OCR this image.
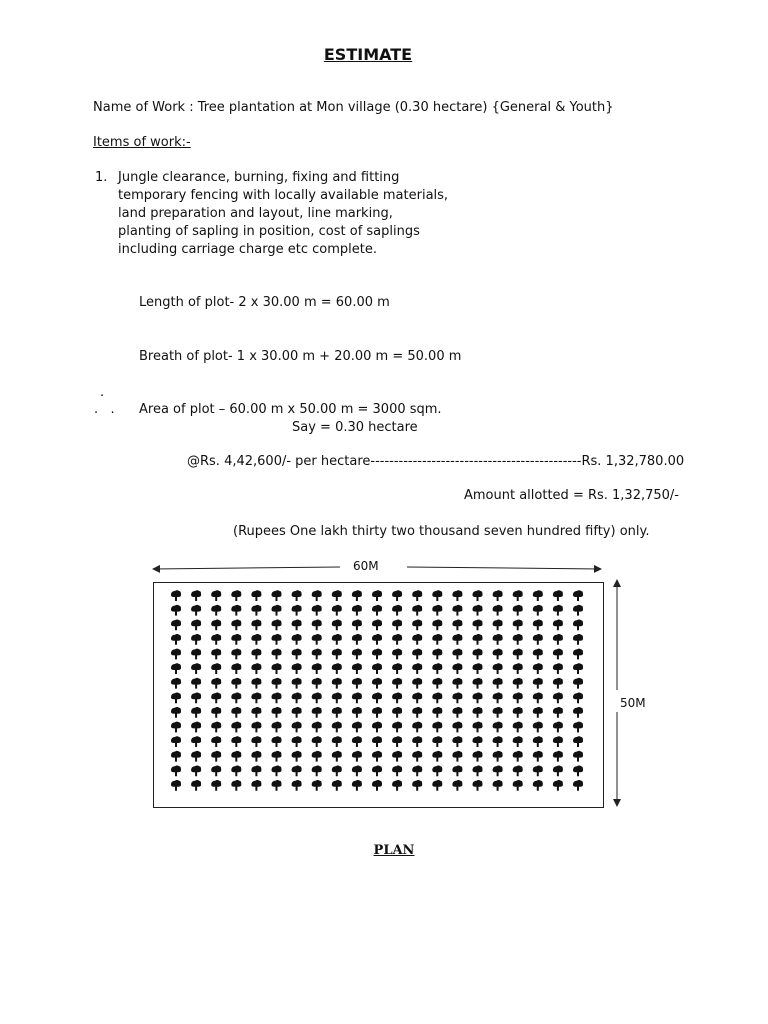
ESTIMATE
Name of Work : Tree plantation at Mon village (0.30 hectare) {General & Youth}
Items of work:-
1. Jungle clearance, burning, fixing and fitting
temporary fencing with locally available materials,
land preparation and layout, line marking,
planting of sapling in position, cost of saplings
including carriage charge etc complete.
Length of plot- 2 x 30.00 m = 60.00 m
Breath of plot- 1 x 30.00 m + 20.00 m = 50.00 m
.
.   . Area of plot – 60.00 m x 50.00 m = 3000 sqm.
Say = 0.30 hectare
@Rs. 4,42,600/- per hectare---------------------------------------------Rs. 1,32,780.00
Amount allotted = Rs. 1,32,750/-
(Rupees One lakh thirty two thousand seven hundred fifty) only.
60M
50M
PLAN
